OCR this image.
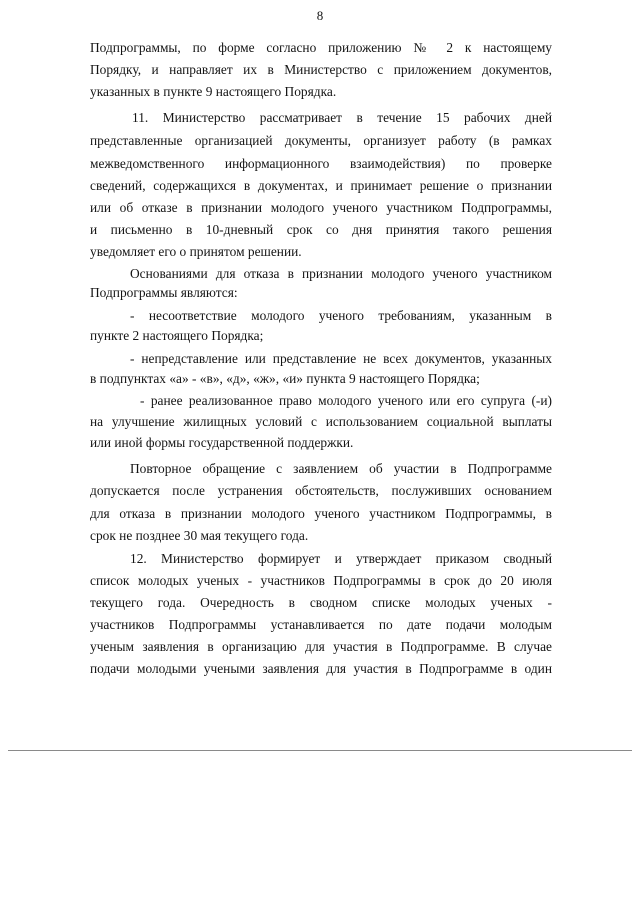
8
Подпрограммы, по форме согласно приложению № 2 к настоящему
Порядку, и направляет их в Министерство с приложением документов,
указанных в пункте 9 настоящего Порядка.
11. Министерство рассматривает в течение 15 рабочих дней
представленные организацией документы, организует работу (в рамках
межведомственного информационного взаимодействия) по проверке
сведений, содержащихся в документах, и принимает решение о признании
или об отказе в признании молодого ученого участником Подпрограммы,
и письменно в 10-дневный срок со дня принятия такого решения
уведомляет его о принятом решении.
Основаниями для отказа в признании молодого ученого участником
Подпрограммы являются:
- несоответствие молодого ученого требованиям, указанным в
пункте 2 настоящего Порядка;
- непредставление или представление не всех документов, указанных
в подпунктах «а» - «в», «д», «ж», «и» пункта 9 настоящего Порядка;
- ранее реализованное право молодого ученого или его супруга (-и)
на улучшение жилищных условий с использованием социальной выплаты
или иной формы государственной поддержки.
Повторное обращение с заявлением об участии в Подпрограмме
допускается после устранения обстоятельств, послуживших основанием
для отказа в признании молодого ученого участником Подпрограммы, в
срок не позднее 30 мая текущего года.
12. Министерство формирует и утверждает приказом сводный
список молодых ученых - участников Подпрограммы в срок до 20 июля
текущего года. Очередность в сводном списке молодых ученых -
участников Подпрограммы устанавливается по дате подачи молодым
ученым заявления в организацию для участия в Подпрограмме. В случае
подачи молодыми учеными заявления для участия в Подпрограмме в один
